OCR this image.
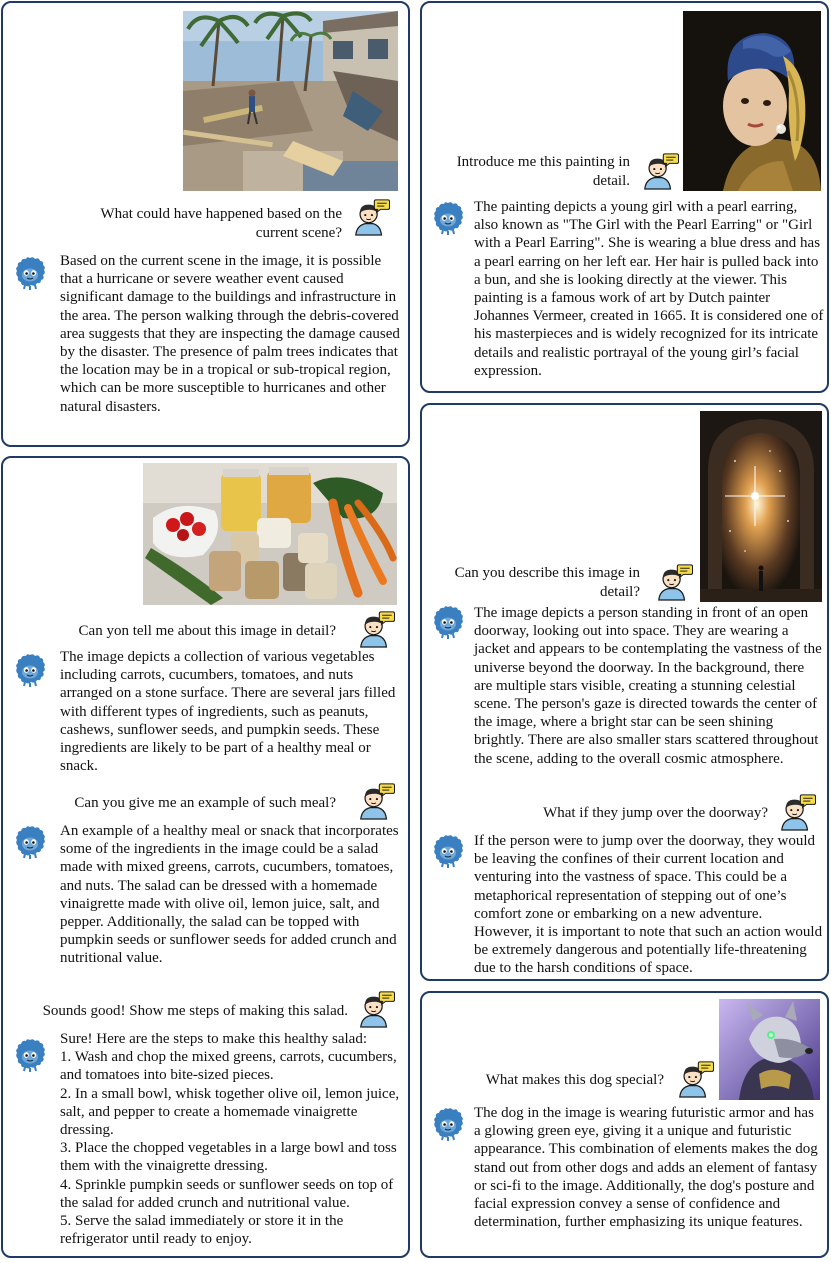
What could have happened based on the current scene?
Based on the current scene in the image, it is possible that a hurricane or severe weather event caused significant damage to the buildings and infrastructure in the area. The person walking through the debris-covered area suggests that they are inspecting the damage caused by the disaster. The presence of palm trees indicates that the location may be in a tropical or sub-tropical region, which can be more susceptible to hurricanes and other natural disasters.
Introduce me this painting in detail.
The painting depicts a young girl with a pearl earring, also known as "The Girl with the Pearl Earring" or "Girl with a Pearl Earring". She is wearing a blue dress and has a pearl earring on her left ear. Her hair is pulled back into a bun, and she is looking directly at the viewer. This painting is a famous work of art by Dutch painter Johannes Vermeer, created in 1665. It is considered one of his masterpieces and is widely recognized for its intricate details and realistic portrayal of the young girl’s facial expression.
Can yon tell me about this image in detail?
The image depicts a collection of various vegetables including carrots, cucumbers, tomatoes, and nuts arranged on a stone surface. There are several jars filled with different types of ingredients, such as peanuts, cashews, sunflower seeds, and pumpkin seeds. These ingredients are likely to be part of a healthy meal or snack.
Can you give me an example of such meal?
An example of a healthy meal or snack that incorporates some of the ingredients in the image could be a salad made with mixed greens, carrots, cucumbers, tomatoes, and nuts. The salad can be dressed with a homemade vinaigrette made with olive oil, lemon juice, salt, and pepper. Additionally, the salad can be topped with pumpkin seeds or sunflower seeds for added crunch and nutritional value.
Sounds good! Show me steps of making this salad.
Sure! Here are the steps to make this healthy salad:
1. Wash and chop the mixed greens, carrots, cucumbers, and tomatoes into bite-sized pieces.
2. In a small bowl, whisk together olive oil, lemon juice, salt, and pepper to create a homemade vinaigrette dressing.
3. Place the chopped vegetables in a large bowl and toss them with the vinaigrette dressing.
4. Sprinkle pumpkin seeds or sunflower seeds on top of the salad for added crunch and nutritional value.
5. Serve the salad immediately or store it in the refrigerator until ready to enjoy.
Can you describe this image in detail?
The image depicts a person standing in front of an open doorway, looking out into space. They are wearing a jacket and appears to be contemplating the vastness of the universe beyond the doorway. In the background, there are multiple stars visible, creating a stunning celestial scene. The person's gaze is directed towards the center of the image, where a bright star can be seen shining brightly. There are also smaller stars scattered throughout the scene, adding to the overall cosmic atmosphere.
What if they jump over the doorway?
If the person were to jump over the doorway, they would be leaving the confines of their current location and venturing into the vastness of space. This could be a metaphorical representation of stepping out of one’s comfort zone or embarking on a new adventure. However, it is important to note that such an action would be extremely dangerous and potentially life-threatening due to the harsh conditions of space.
What makes this dog special?
The dog in the image is wearing futuristic armor and has a glowing green eye, giving it a unique and futuristic appearance. This combination of elements makes the dog stand out from other dogs and adds an element of fantasy or sci-fi to the image. Additionally, the dog's posture and facial expression convey a sense of confidence and determination, further emphasizing its unique features.
